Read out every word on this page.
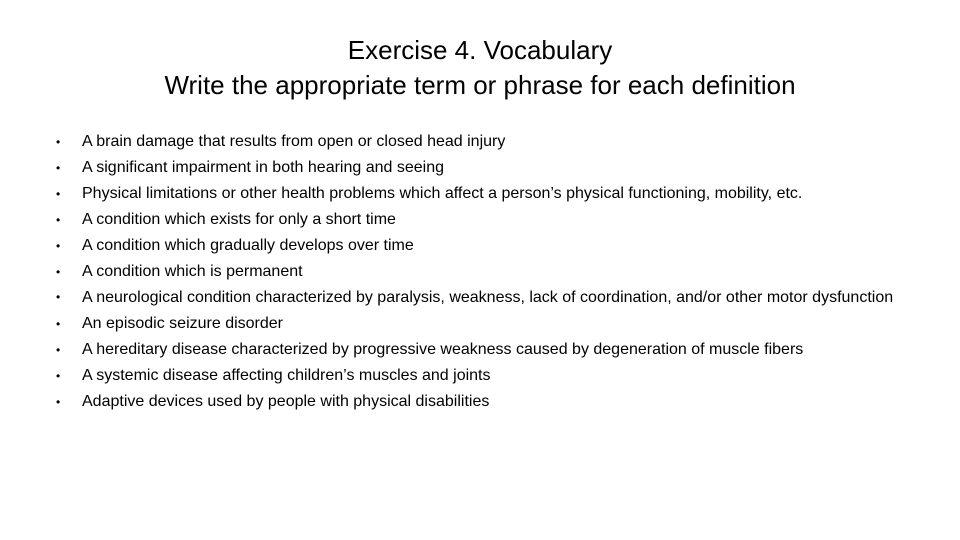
Exercise 4. Vocabulary
Write the appropriate term or phrase for each definition
• A brain damage that results from open or closed head injury
• A significant impairment in both hearing and seeing
• Physical limitations or other health problems which affect a person’s physical functioning, mobility, etc.
• A condition which exists for only a short time
• A condition which gradually develops over time
• A condition which is permanent
• A neurological condition characterized by paralysis, weakness, lack of coordination, and/or other motor dysfunction
• An episodic seizure disorder
• A hereditary disease characterized by progressive weakness caused by degeneration of muscle fibers
• A systemic disease affecting children’s muscles and joints
• Adaptive devices used by people with physical disabilities
